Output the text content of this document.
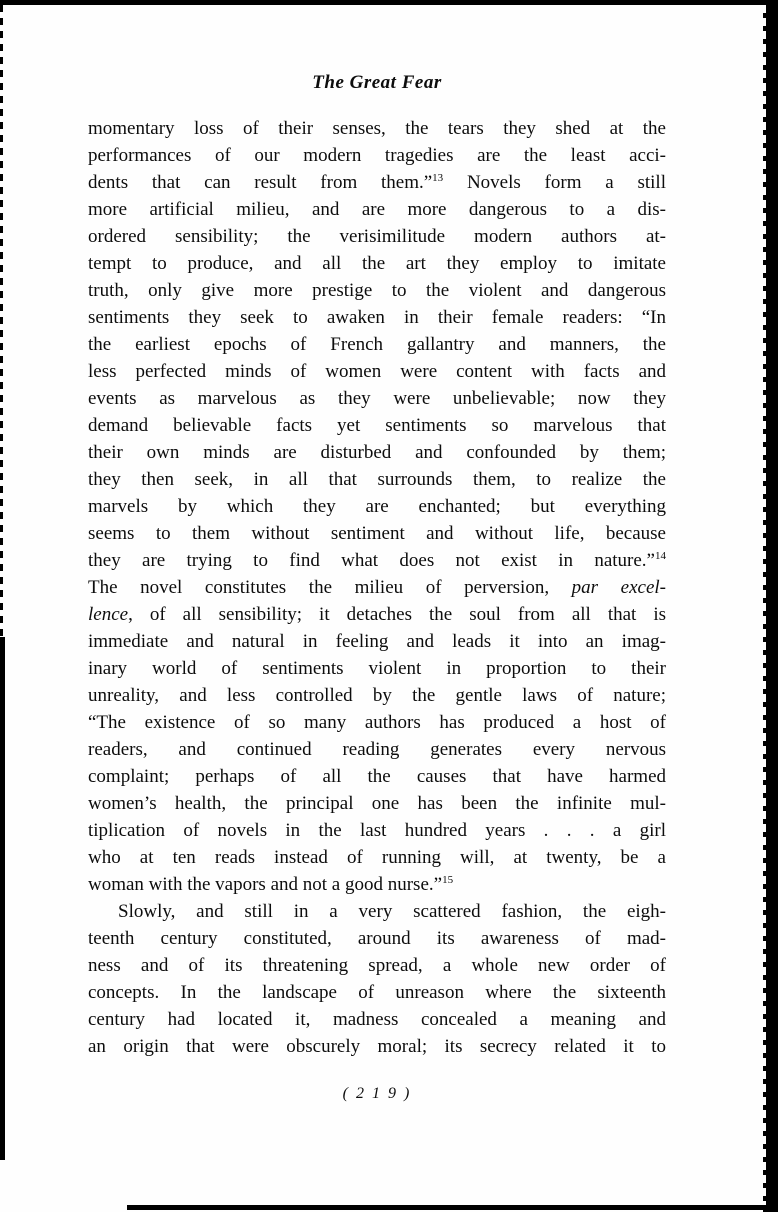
The Great Fear
momentary loss of their senses, the tears they shed at the
performances of our modern tragedies are the least acci-
dents that can result from them.”$^{13}$ Novels form a still
more artificial milieu, and are more dangerous to a dis-
ordered sensibility; the verisimilitude modern authors at-
tempt to produce, and all the art they employ to imitate
truth, only give more prestige to the violent and dangerous
sentiments they seek to awaken in their female readers: “In
the earliest epochs of French gallantry and manners, the
less perfected minds of women were content with facts and
events as marvelous as they were unbelievable; now they
demand believable facts yet sentiments so marvelous that
their own minds are disturbed and confounded by them;
they then seek, in all that surrounds them, to realize the
marvels by which they are enchanted; but everything
seems to them without sentiment and without life, because
they are trying to find what does not exist in nature.”$^{14}$
The novel constitutes the milieu of perversion, par excel-
lence, of all sensibility; it detaches the soul from all that is
immediate and natural in feeling and leads it into an imag-
inary world of sentiments violent in proportion to their
unreality, and less controlled by the gentle laws of nature;
“The existence of so many authors has produced a host of
readers, and continued reading generates every nervous
complaint; perhaps of all the causes that have harmed
women’s health, the principal one has been the infinite mul-
tiplication of novels in the last hundred years . . . a girl
who at ten reads instead of running will, at twenty, be a
woman with the vapors and not a good nurse.”$^{15}$
Slowly, and still in a very scattered fashion, the eigh-
teenth century constituted, around its awareness of mad-
ness and of its threatening spread, a whole new order of
concepts. In the landscape of unreason where the sixteenth
century had located it, madness concealed a meaning and
an origin that were obscurely moral; its secrecy related it to
( 2 1 9 )
